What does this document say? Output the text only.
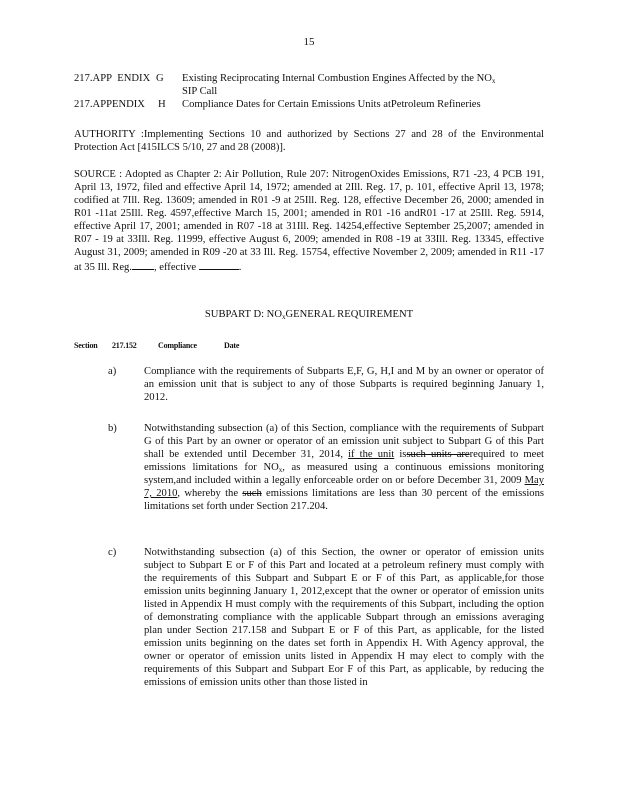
15
217.APP ENDIX G Existing Reciprocating Internal Combustion Engines Affected by the $NO_x$
SIP Call
217.APPENDIX H Compliance Dates for Certain Emissions Units atPetroleum Refineries
AUTHORITY :Implementing Sections 10 and authorized by Sections 27 and 28 of the Environmental Protection Act [415ILCS 5/10, 27 and 28 (2008)].
SOURCE : Adopted as Chapter 2: Air Pollution, Rule 207: NitrogenOxides Emissions, R71 -23, 4 PCB 191, April 13, 1972, filed and effective April 14, 1972; amended at 2Ill. Reg. 17, p. 101, effective April 13, 1978; codified at 7Ill. Reg. 13609; amended in R01 -9 at 25Ill. Reg. 128, effective December 26, 2000; amended in R01 -11at 25Ill. Reg. 4597,effective March 15, 2001; amended in R01 -16 andR01 -17 at 25Ill. Reg. 5914, effective April 17, 2001; amended in R07 -18 at 31Ill. Reg. 14254,effective September 25,2007; amended in R07 - 19 at 33Ill. Reg. 11999, effective August 6, 2009; amended in R08 -19 at 33Ill. Reg. 13345, effective August 31, 2009; amended in R09 -20 at 33 Ill. Reg. 15754, effective November 2, 2009; amended in R11 -17 at 35 Ill. Reg. , effective	.
SUBPART D: $NO_xGENERAL$ REQUIREMENT
Section 217.152	Compliance	Date
a)	Compliance with the requirements of Subparts E,F, G, H,I and M by an owner or operator of an emission unit that is subject to any of those Subparts is required beginning January 1, 2012.
b)	Notwithstanding subsection (a) of this Section, compliance with the requirements of Subpart G of this Part by an owner or operator of an emission unit subject to Subpart G of this Part shall be extended until December 31, 2014, if the unit issuch units arerequired to meet emissions limitations for $NO_x$, as measured using a continuous emissions monitoring system,and included within a legally enforceable order on or before December 31, 2009 May 7, 2010, whereby the such emissions limitations are less than 30 percent of the emissions limitations set forth under Section 217.204.
c)	Notwithstanding subsection (a) of this Section, the owner or operator of emission units subject to Subpart E or F of this Part and located at a petroleum refinery must comply with the requirements of this Subpart and Subpart E or F of this Part, as applicable,for those emission units beginning January 1, 2012,except that the owner or operator of emission units listed in Appendix H must comply with the requirements of this Subpart, including the option of demonstrating compliance with the applicable Subpart through an emissions averaging plan under Section 217.158 and Subpart E or F of this Part, as applicable, for the listed emission units beginning on the dates set forth in Appendix H. With Agency approval, the owner or operator of emission units listed in Appendix H may elect to comply with the requirements of this Subpart and Subpart Eor F of this Part, as applicable, by reducing the emissions of emission units other than those listed in
